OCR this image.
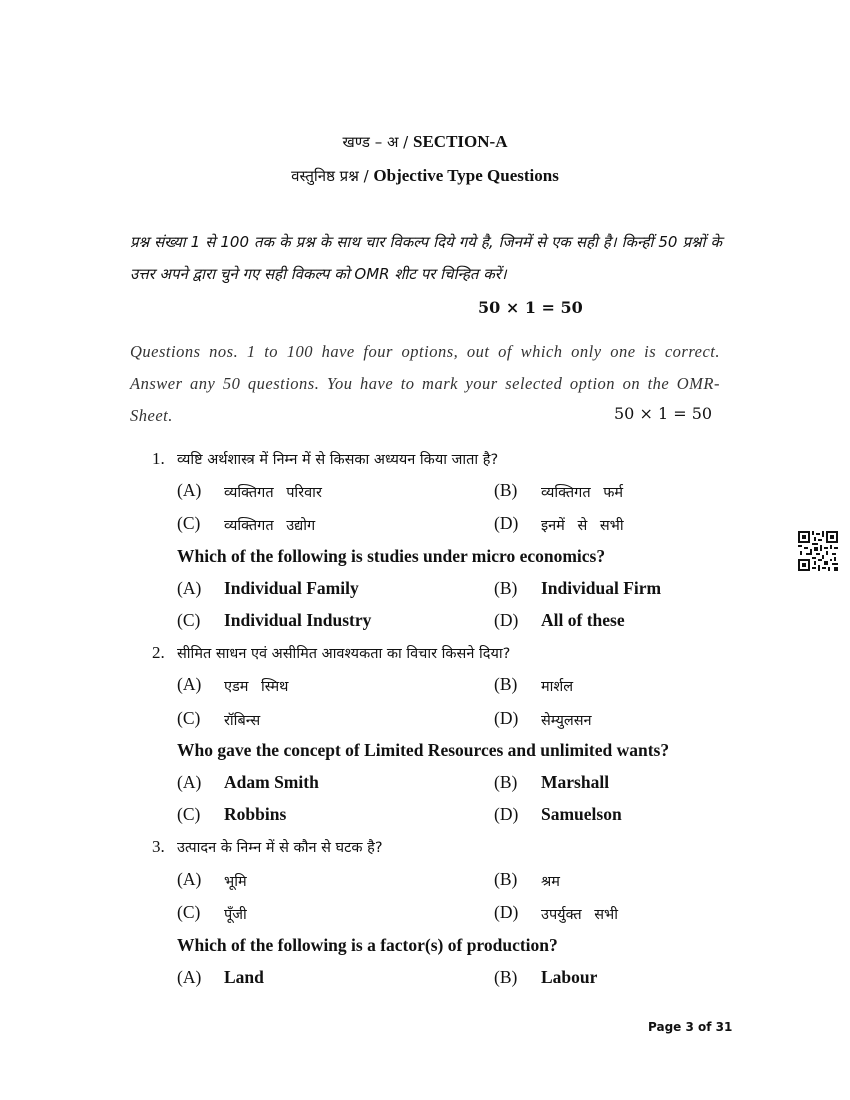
खण्ड – अ / SECTION-A
वस्तुनिष्ठ प्रश्न / Objective Type Questions
प्रश्न संख्या 1 से 100 तक के प्रश्न के साथ चार विकल्प दिये गये है, जिनमें से एक सही है। किन्हीं 50 प्रश्नों के उत्तर अपने द्वारा चुने गए सही विकल्प को OMR शीट पर चिन्हित करें।
50 × 1 = 50
Questions nos. 1 to 100 have four options, out of which only one is correct. Answer any 50 questions. You have to mark your selected option on the OMR-Sheet.	50 × 1 = 50
1. व्यष्टि अर्थशास्त्र में निम्न में से किसका अध्ययन किया जाता है?
(A) व्यक्तिगत परिवार	(B) व्यक्तिगत फर्म
(C) व्यक्तिगत उद्योग	(D) इनमें से सभी
Which of the following is studies under micro economics?
(A) Individual Family	(B) Individual Firm
(C) Individual Industry	(D) All of these
2. सीमित साधन एवं असीमित आवश्यकता का विचार किसने दिया?
(A) एडम स्मिथ	(B) मार्शल
(C) रॉबिन्स	(D) सेम्युलसन
Who gave the concept of Limited Resources and unlimited wants?
(A) Adam Smith	(B) Marshall
(C) Robbins	(D) Samuelson
3. उत्पादन के निम्न में से कौन से घटक है?
(A) भूमि	(B) श्रम
(C) पूँजी	(D) उपर्युक्त सभी
Which of the following is a factor(s) of production?
(A) Land	(B) Labour
Page 3 of 31
